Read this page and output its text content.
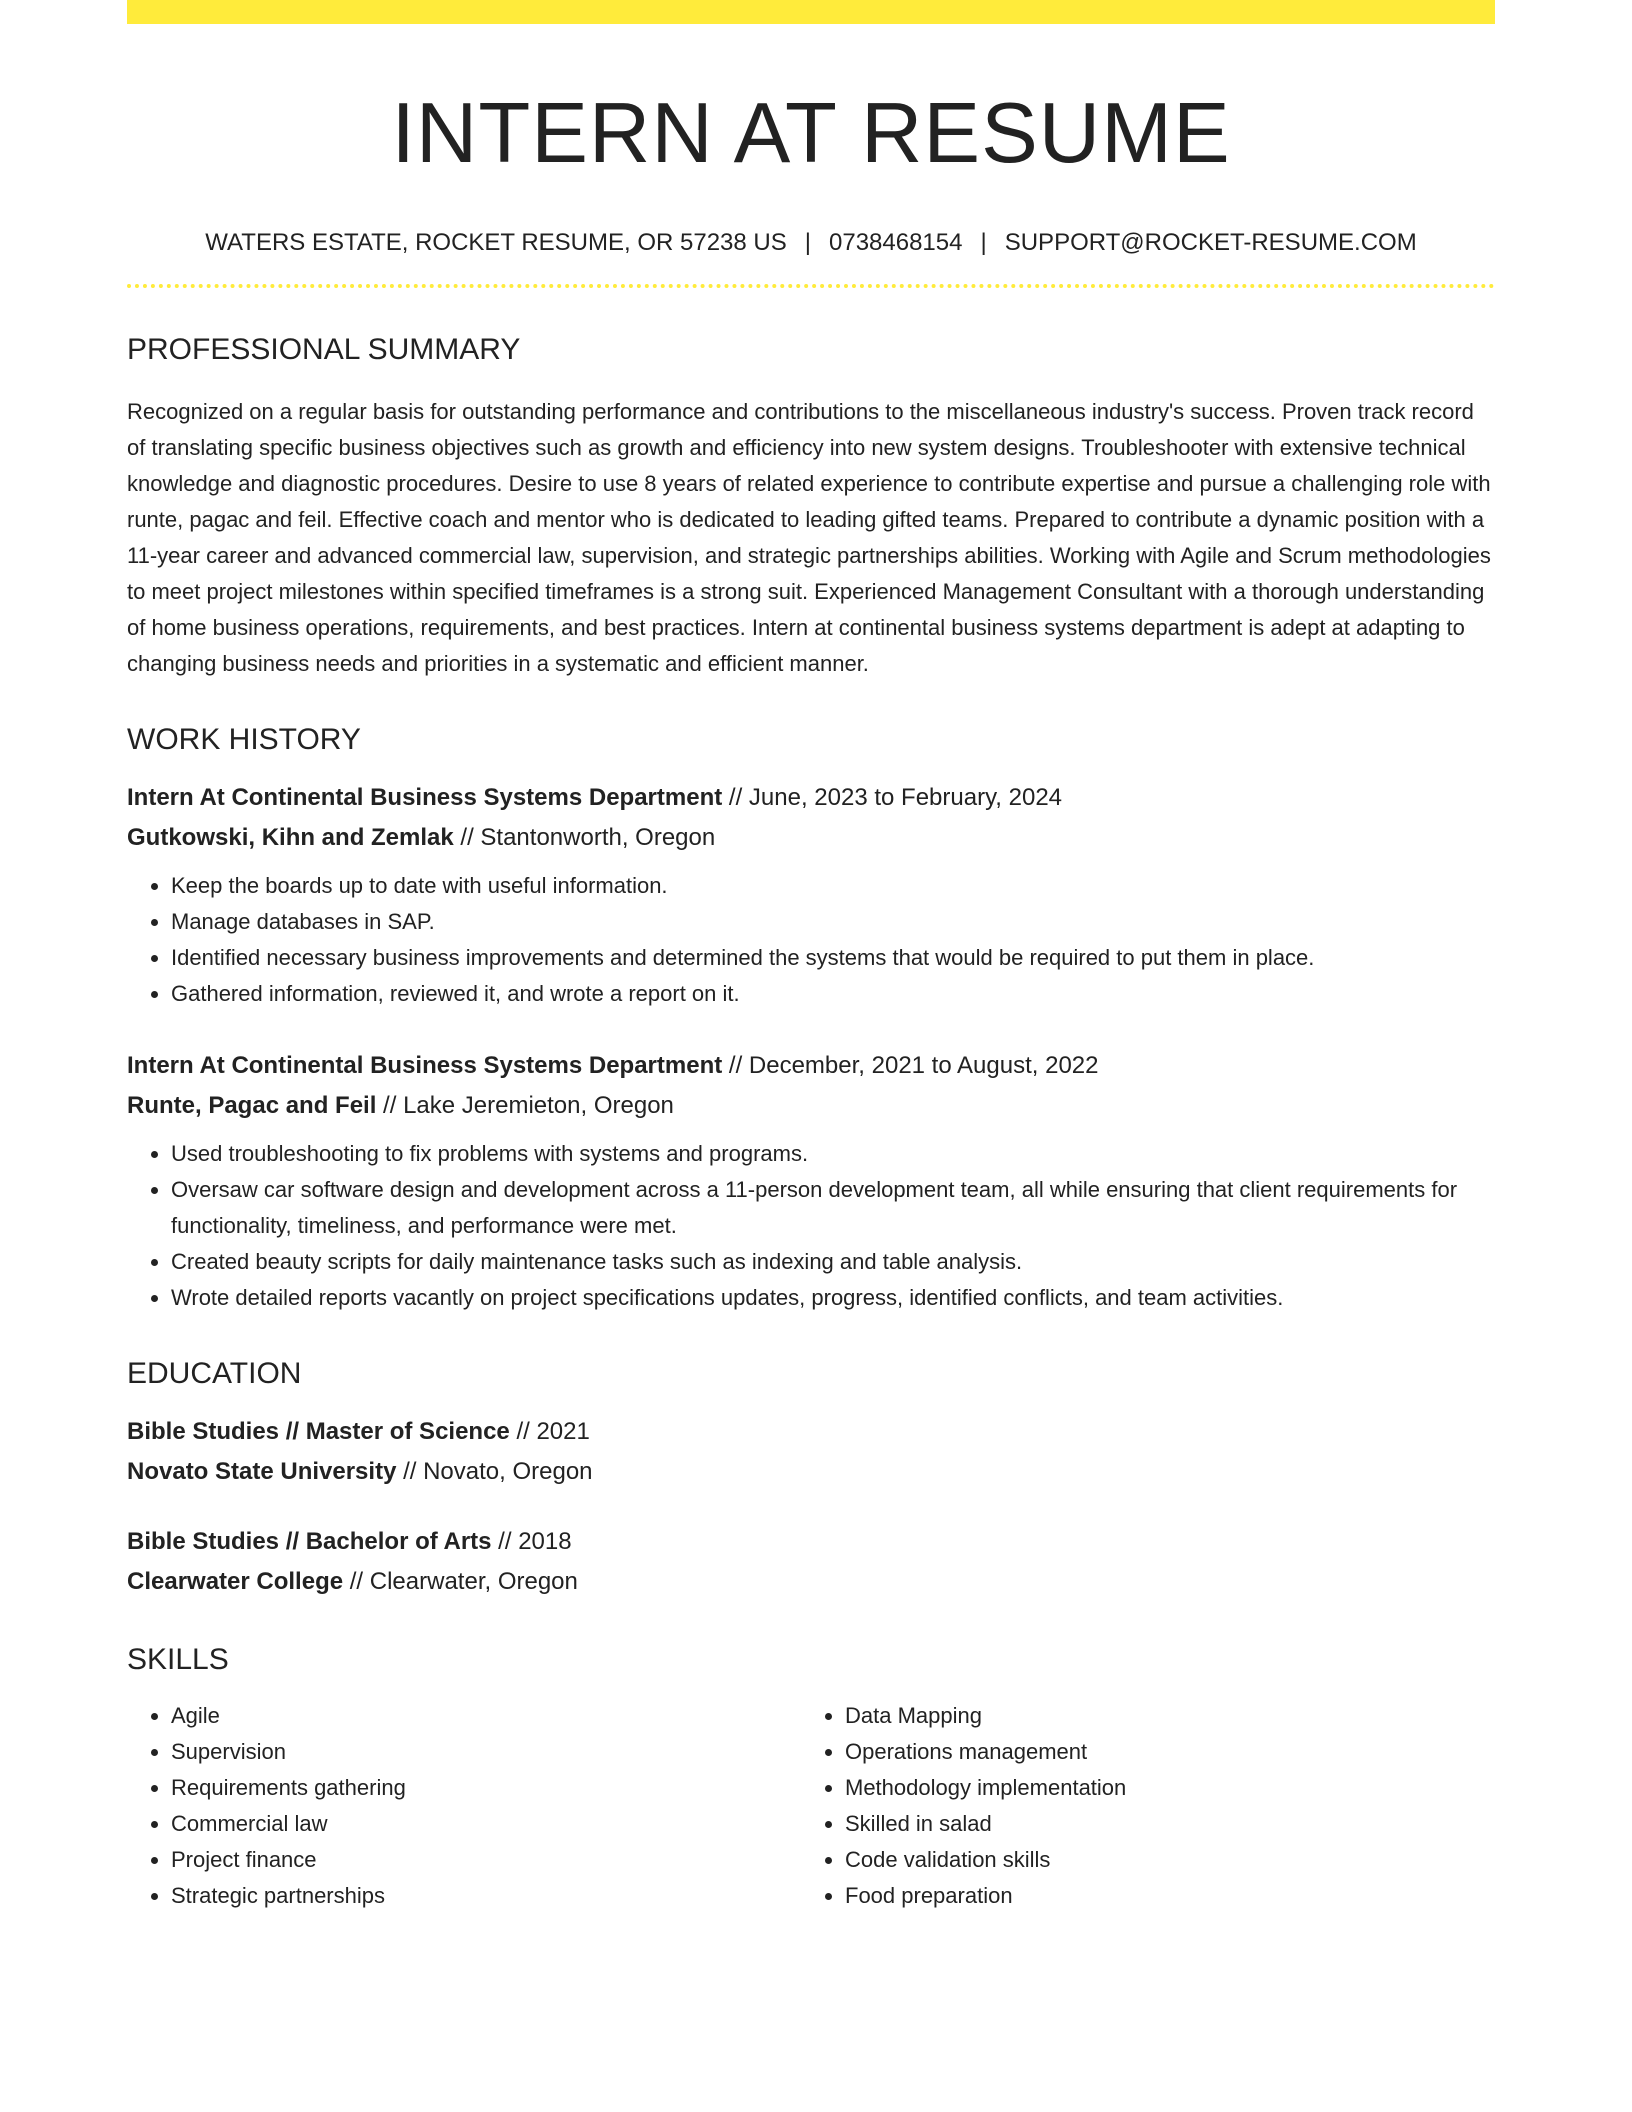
INTERN AT RESUME
WATERS ESTATE, ROCKET RESUME, OR 57238 US | 0738468154 | SUPPORT@ROCKET-RESUME.COM
PROFESSIONAL SUMMARY
Recognized on a regular basis for outstanding performance and contributions to the miscellaneous industry's success. Proven track record of translating specific business objectives such as growth and efficiency into new system designs. Troubleshooter with extensive technical knowledge and diagnostic procedures. Desire to use 8 years of related experience to contribute expertise and pursue a challenging role with runte, pagac and feil. Effective coach and mentor who is dedicated to leading gifted teams. Prepared to contribute a dynamic position with a 11-year career and advanced commercial law, supervision, and strategic partnerships abilities. Working with Agile and Scrum methodologies to meet project milestones within specified timeframes is a strong suit. Experienced Management Consultant with a thorough understanding of home business operations, requirements, and best practices. Intern at continental business systems department is adept at adapting to changing business needs and priorities in a systematic and efficient manner.
WORK HISTORY
Intern At Continental Business Systems Department // June, 2023 to February, 2024
Gutkowski, Kihn and Zemlak // Stantonworth, Oregon
• Keep the boards up to date with useful information.
• Manage databases in SAP.
• Identified necessary business improvements and determined the systems that would be required to put them in place.
• Gathered information, reviewed it, and wrote a report on it.
Intern At Continental Business Systems Department // December, 2021 to August, 2022
Runte, Pagac and Feil // Lake Jeremieton, Oregon
• Used troubleshooting to fix problems with systems and programs.
• Oversaw car software design and development across a 11-person development team, all while ensuring that client requirements for functionality, timeliness, and performance were met.
• Created beauty scripts for daily maintenance tasks such as indexing and table analysis.
• Wrote detailed reports vacantly on project specifications updates, progress, identified conflicts, and team activities.
EDUCATION
Bible Studies // Master of Science // 2021
Novato State University // Novato, Oregon
Bible Studies // Bachelor of Arts // 2018
Clearwater College // Clearwater, Oregon
SKILLS
• Agile
• Supervision
• Requirements gathering
• Commercial law
• Project finance
• Strategic partnerships
• Data Mapping
• Operations management
• Methodology implementation
• Skilled in salad
• Code validation skills
• Food preparation
